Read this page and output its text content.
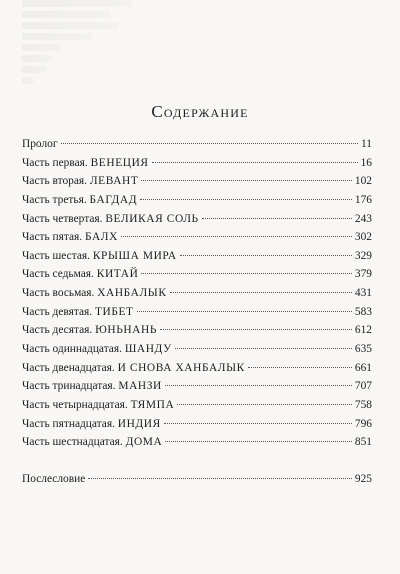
Содержание
Пролог	11
Часть первая. ВЕНЕЦИЯ	16
Часть вторая. ЛЕВАНТ	102
Часть третья. БАГДАД	176
Часть четвертая. ВЕЛИКАЯ СОЛЬ	243
Часть пятая. БАЛХ	302
Часть шестая. КРЫША МИРА	329
Часть седьмая. КИТАЙ	379
Часть восьмая. ХАНБАЛЫК	431
Часть девятая. ТИБЕТ	583
Часть десятая. ЮНЬНАНЬ	612
Часть одиннадцатая. ШАНДУ	635
Часть двенадцатая. И СНОВА ХАНБАЛЫК	661
Часть тринадцатая. МАНЗИ	707
Часть четырнадцатая. ТЯМПА	758
Часть пятнадцатая. ИНДИЯ	796
Часть шестнадцатая. ДОМА	851
Послесловие	925
